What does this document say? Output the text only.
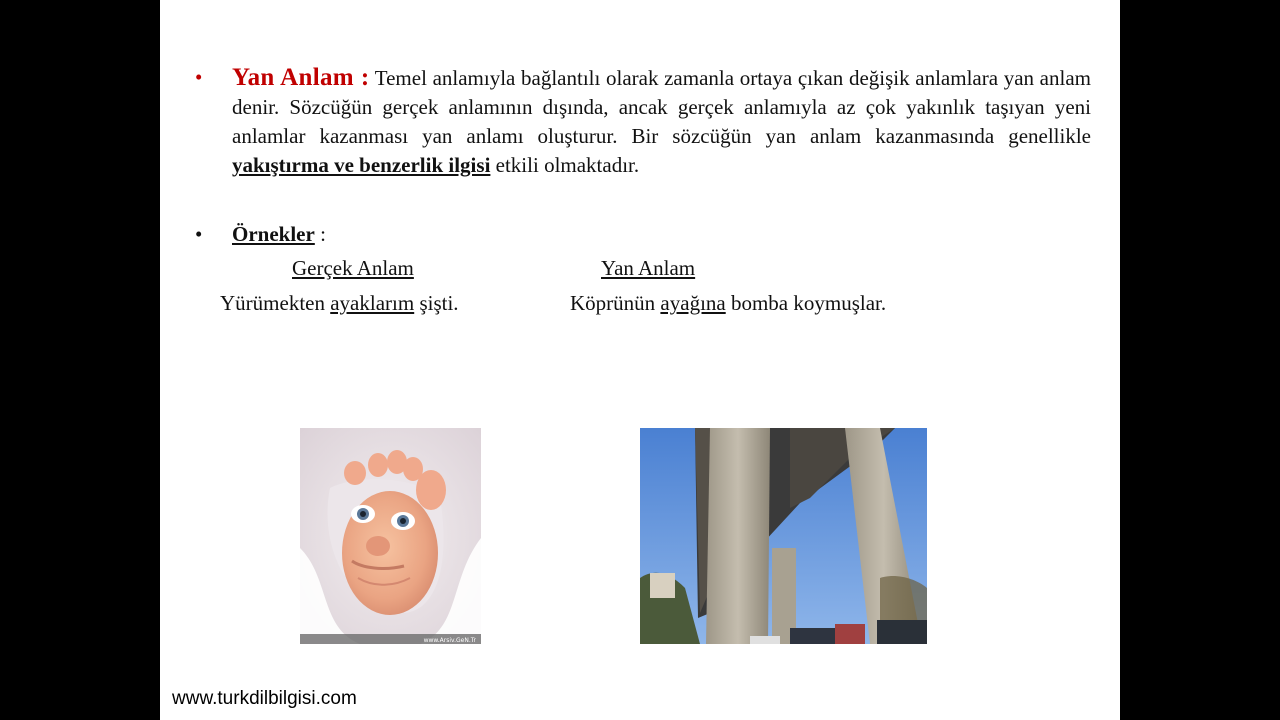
• Yan Anlam : Temel anlamıyla bağlantılı olarak zamanla ortaya çıkan değişik anlamlara yan anlam denir. Sözcüğün gerçek anlamının dışında, ancak gerçek anlamıyla az çok yakınlık taşıyan yeni anlamlar kazanması yan anlamı oluşturur. Bir sözcüğün yan anlam kazanmasında genellikle yakıştırma ve benzerlik ilgisi etkili olmaktadır.
• Örnekler :
Gerçek Anlam	Yan Anlam
Yürümekten ayaklarım şişti.	Köprünün ayağına bomba koymuşlar.
www.Arsiv.GeN.Tr
www.turkdilbilgisi.com
